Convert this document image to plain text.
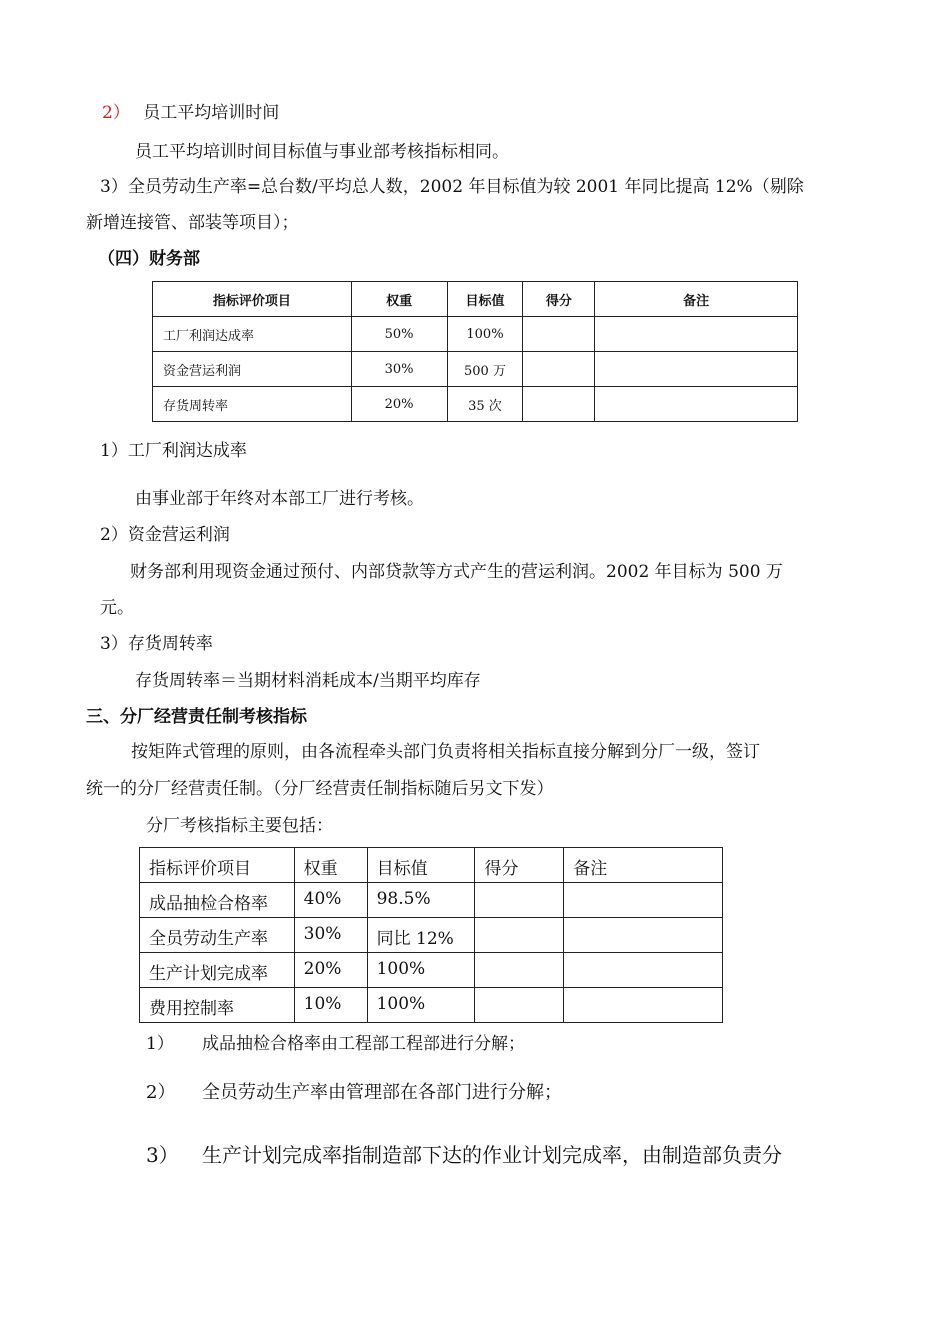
2） 员工平均培训时间
员工平均培训时间目标值与事业部考核指标相同。
3）全员劳动生产率=总台数/平均总人数，2002 年目标值为较 2001 年同比提高 12%（剔除
新增连接管、部装等项目）；
（四）财务部
指标评价项目	权重	目标值	得分	备注
工厂利润达成率	50%	100%		
资金营运利润	30%	500 万		
存货周转率	20%	35 次		
1）工厂利润达成率
由事业部于年终对本部工厂进行考核。
2）资金营运利润
财务部利用现资金通过预付、内部贷款等方式产生的营运利润。2002 年目标为 500 万
元。
3）存货周转率
存货周转率＝当期材料消耗成本/当期平均库存
三、分厂经营责任制考核指标
按矩阵式管理的原则，由各流程牵头部门负责将相关指标直接分解到分厂一级，签订
统一的分厂经营责任制。（分厂经营责任制指标随后另文下发）
分厂考核指标主要包括：
指标评价项目	权重	目标值	得分	备注
成品抽检合格率	40%	98.5%		
全员劳动生产率	30%	同比 12%		
生产计划完成率	20%	100%		
费用控制率	10%	100%		
1） 成品抽检合格率由工程部工程部进行分解；
2） 全员劳动生产率由管理部在各部门进行分解；
3） 生产计划完成率指制造部下达的作业计划完成率，由制造部负责分
